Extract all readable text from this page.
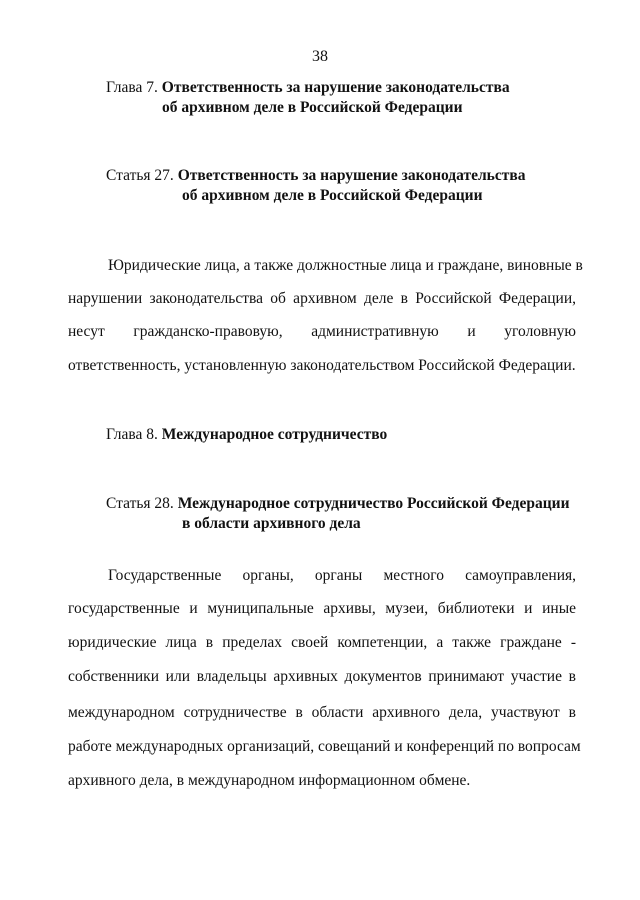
38
Глава 7. Ответственность за нарушение законодательства
об архивном деле в Российской Федерации
Статья 27. Ответственность за нарушение законодательства
об архивном деле в Российской Федерации
Юридические лица, а также должностные лица и граждане, виновные в
нарушении законодательства об архивном деле в Российской Федерации,
несут гражданско-правовую, административную и уголовную
ответственность, установленную законодательством Российской Федерации.
Глава 8. Международное сотрудничество
Статья 28. Международное сотрудничество Российской Федерации
в области архивного дела
Государственные органы, органы местного самоуправления,
государственные и муниципальные архивы, музеи, библиотеки и иные
юридические лица в пределах своей компетенции, а также граждане -
собственники или владельцы архивных документов принимают участие в
международном сотрудничестве в области архивного дела, участвуют в
работе международных организаций, совещаний и конференций по вопросам
архивного дела, в международном информационном обмене.
